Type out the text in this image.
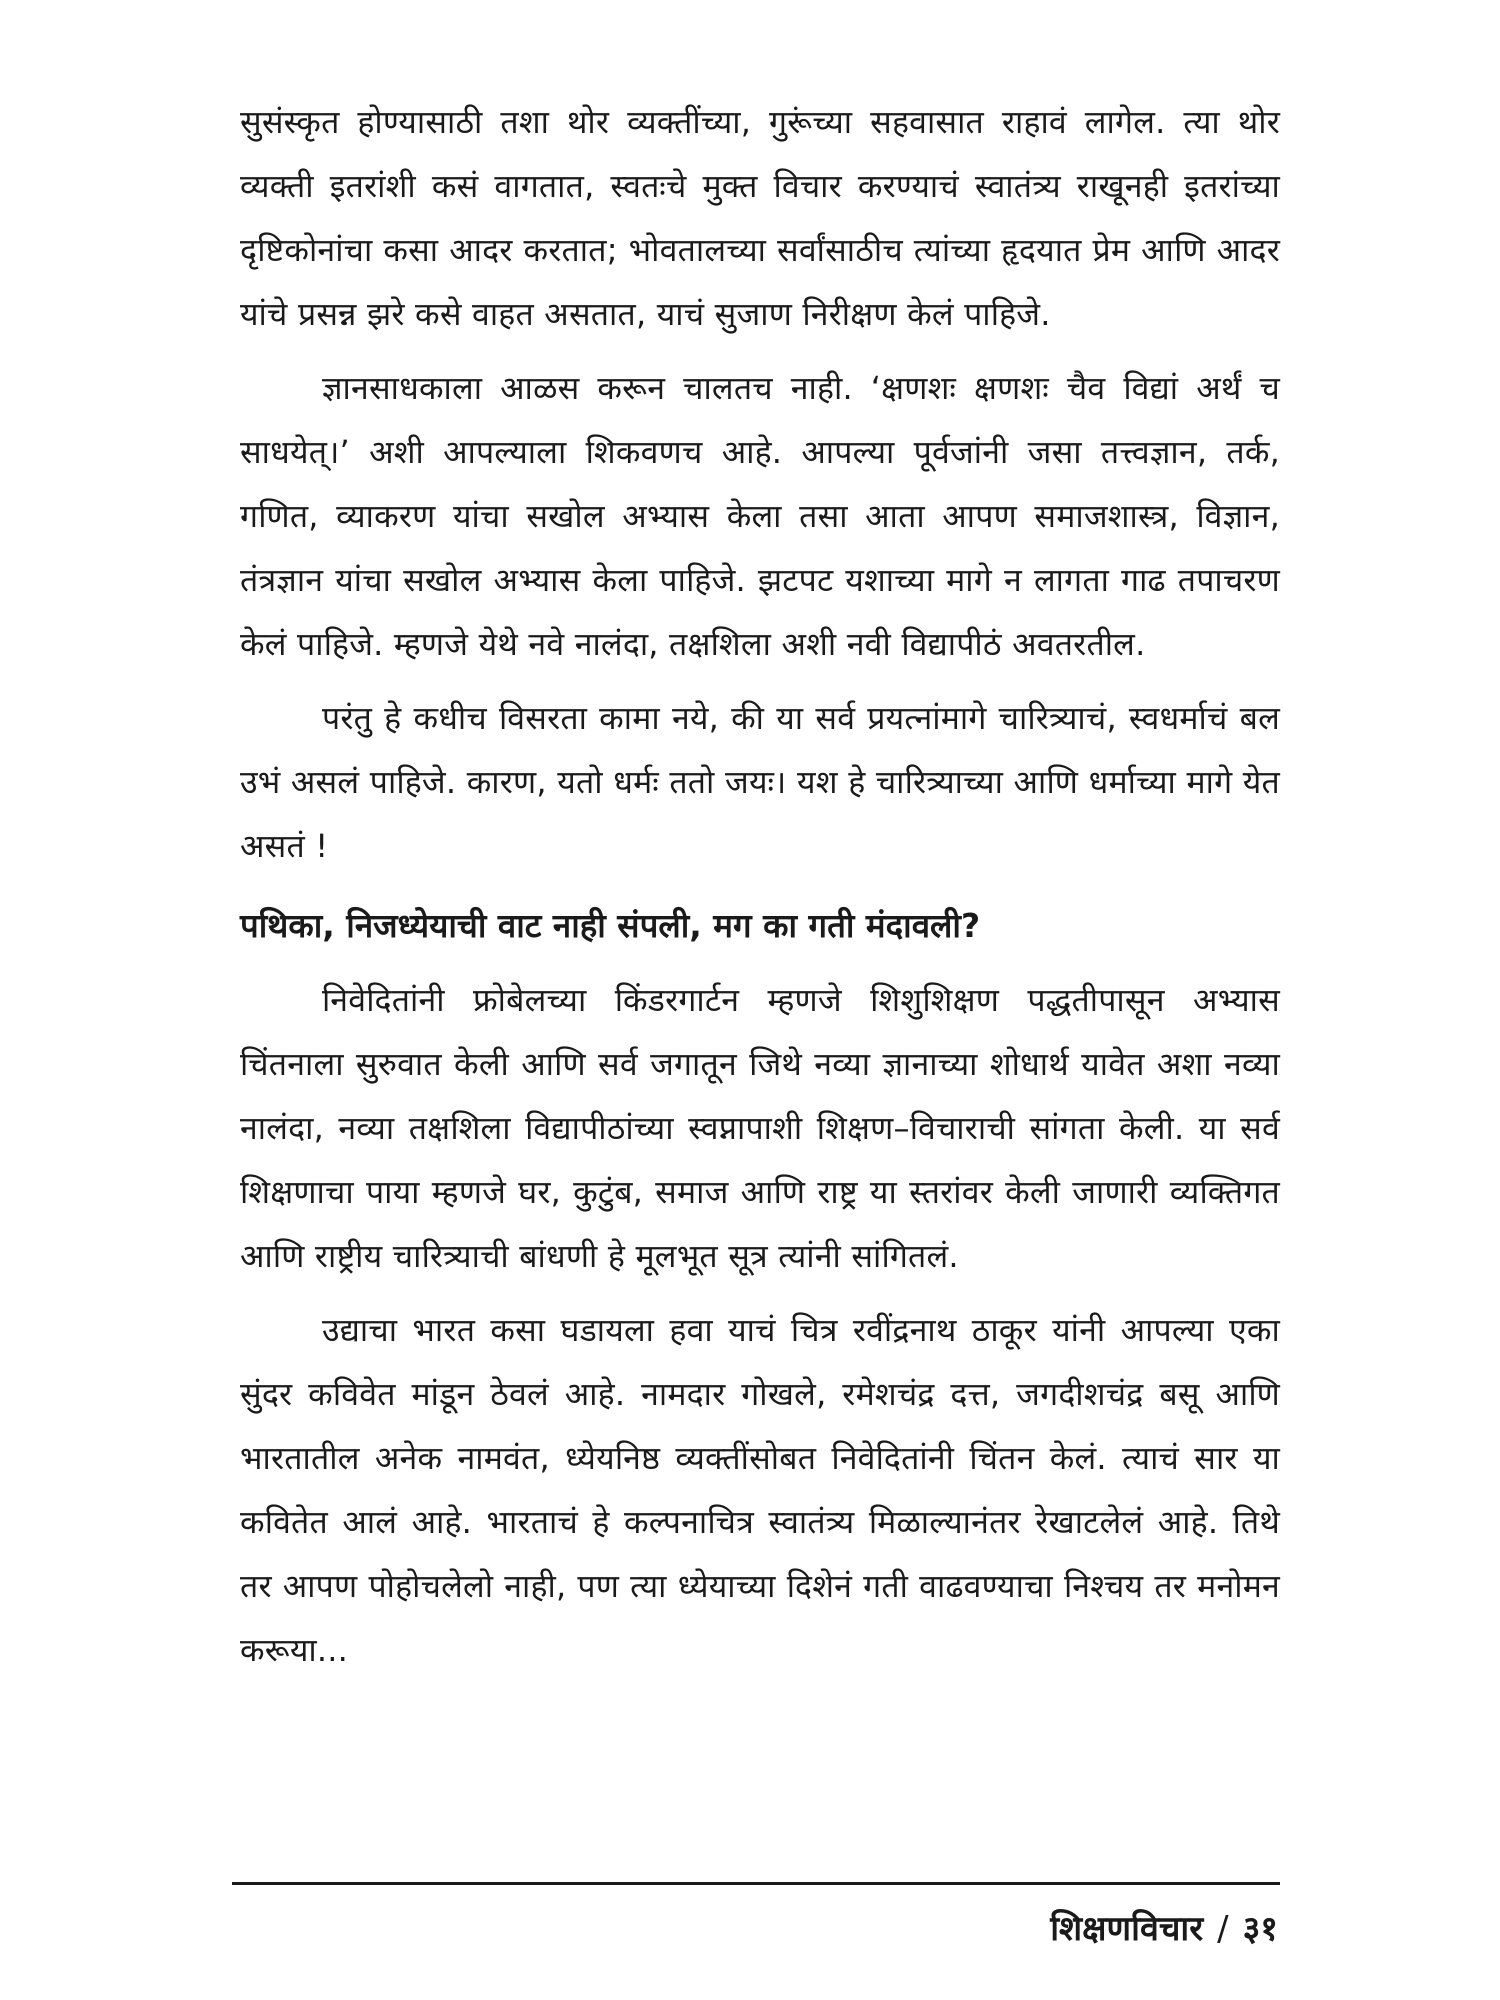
सुसंस्कृत होण्यासाठी तशा थोर व्यक्तींच्या, गुरूंच्या सहवासात राहावं लागेल. त्या थोर व्यक्ती इतरांशी कसं वागतात, स्वतःचे मुक्त विचार करण्याचं स्वातंत्र्य राखूनही इतरांच्या दृष्टिकोनांचा कसा आदर करतात; भोवतालच्या सर्वांसाठीच त्यांच्या हृदयात प्रेम आणि आदर यांचे प्रसन्न झरे कसे वाहत असतात, याचं सुजाण निरीक्षण केलं पाहिजे.

ज्ञानसाधकाला आळस करून चालतच नाही. ‘क्षणशः क्षणशः चैव विद्यां अर्थं च साधयेत्।’ अशी आपल्याला शिकवणच आहे. आपल्या पूर्वजांनी जसा तत्त्वज्ञान, तर्क, गणित, व्याकरण यांचा सखोल अभ्यास केला तसा आता आपण समाजशास्त्र, विज्ञान, तंत्रज्ञान यांचा सखोल अभ्यास केला पाहिजे. झटपट यशाच्या मागे न लागता गाढ तपाचरण केलं पाहिजे. म्हणजे येथे नवे नालंदा, तक्षशिला अशी नवी विद्यापीठं अवतरतील.

परंतु हे कधीच विसरता कामा नये, की या सर्व प्रयत्नांमागे चारित्र्याचं, स्वधर्माचं बल उभं असलं पाहिजे. कारण, यतो धर्मः ततो जयः। यश हे चारित्र्याच्या आणि धर्माच्या मागे येत असतं !

पथिका, निजध्येयाची वाट नाही संपली, मग का गती मंदावली?

निवेदितांनी फ्रोबेलच्या किंडरगार्टन म्हणजे शिशुशिक्षण पद्धतीपासून अभ्यास चिंतनाला सुरुवात केली आणि सर्व जगातून जिथे नव्या ज्ञानाच्या शोधार्थ यावेत अशा नव्या नालंदा, नव्या तक्षशिला विद्यापीठांच्या स्वप्नापाशी शिक्षण–विचाराची सांगता केली. या सर्व शिक्षणाचा पाया म्हणजे घर, कुटुंब, समाज आणि राष्ट्र या स्तरांवर केली जाणारी व्यक्तिगत आणि राष्ट्रीय चारित्र्याची बांधणी हे मूलभूत सूत्र त्यांनी सांगितलं.

उद्याचा भारत कसा घडायला हवा याचं चित्र रवींद्रनाथ ठाकूर यांनी आपल्या एका सुंदर कविवेत मांडून ठेवलं आहे. नामदार गोखले, रमेशचंद्र दत्त, जगदीशचंद्र बसू आणि भारतातील अनेक नामवंत, ध्येयनिष्ठ व्यक्तींसोबत निवेदितांनी चिंतन केलं. त्याचं सार या कवितेत आलं आहे. भारताचं हे कल्पनाचित्र स्वातंत्र्य मिळाल्यानंतर रेखाटलेलं आहे. तिथे तर आपण पोहोचलेलो नाही, पण त्या ध्येयाच्या दिशेनं गती वाढवण्याचा निश्चय तर मनोमन करूया...

शिक्षणविचार / ३१
